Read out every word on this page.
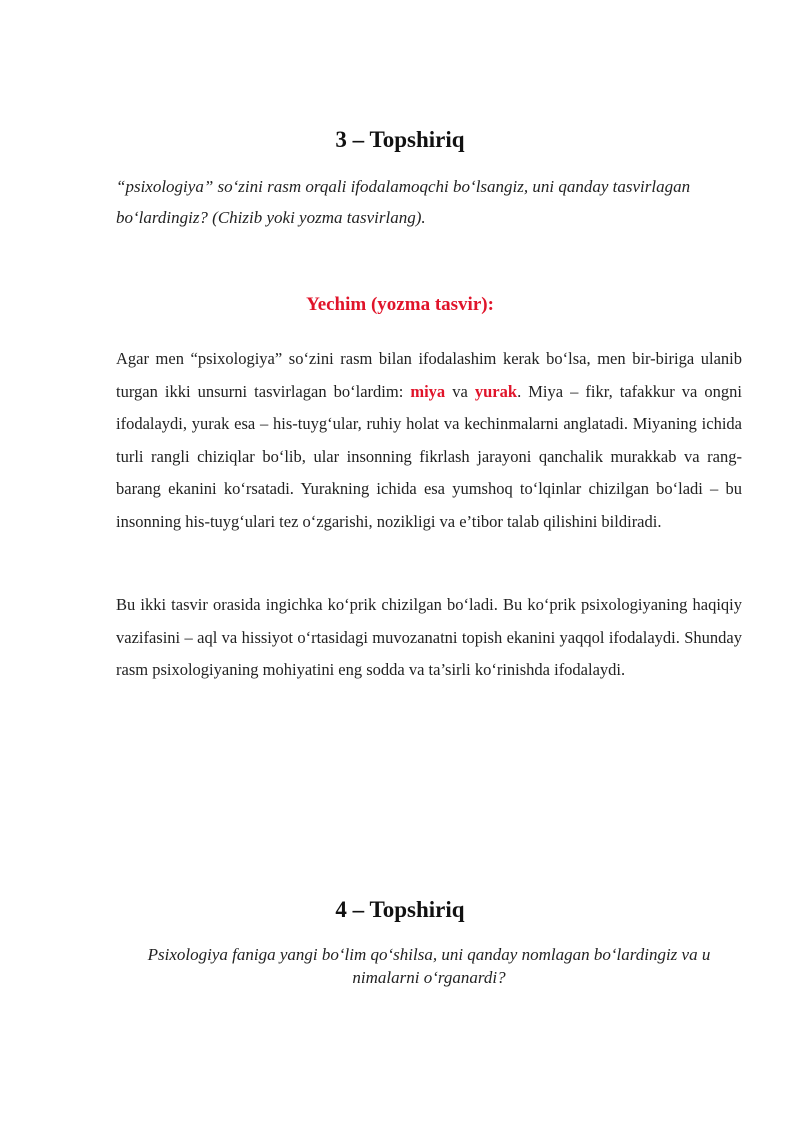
3 – Topshiriq
“psixologiya” so‘zini rasm orqali ifodalamoqchi bo‘lsangiz, uni qanday tasvirlagan bo‘lardingiz? (Chizib yoki yozma tasvirlang).
Yechim (yozma tasvir):
Agar men “psixologiya” so‘zini rasm bilan ifodalashim kerak bo‘lsa, men bir-biriga ulanib turgan ikki unsurni tasvirlagan bo‘lardim: miya va yurak. Miya – fikr, tafakkur va ongni ifodalaydi, yurak esa – his-tuyg‘ular, ruhiy holat va kechinmalarni anglatadi. Miyaning ichida turli rangli chiziqlar bo‘lib, ular insonning fikrlash jarayoni qanchalik murakkab va rang-barang ekanini ko‘rsatadi. Yurakning ichida esa yumshoq to‘lqinlar chizilgan bo‘ladi – bu insonning his-tuyg‘ulari tez o‘zgarishi, nozikligi va e’tibor talab qilishini bildiradi.
Bu ikki tasvir orasida ingichka ko‘prik chizilgan bo‘ladi. Bu ko‘prik psixologiyaning haqiqiy vazifasini – aql va hissiyot o‘rtasidagi muvozanatni topish ekanini yaqqol ifodalaydi. Shunday rasm psixologiyaning mohiyatini eng sodda va ta’sirli ko‘rinishda ifodalaydi.
4 – Topshiriq
Psixologiya faniga yangi bo‘lim qo‘shilsa, uni qanday nomlagan bo‘lardingiz va u nimalarni o‘rganardi?
